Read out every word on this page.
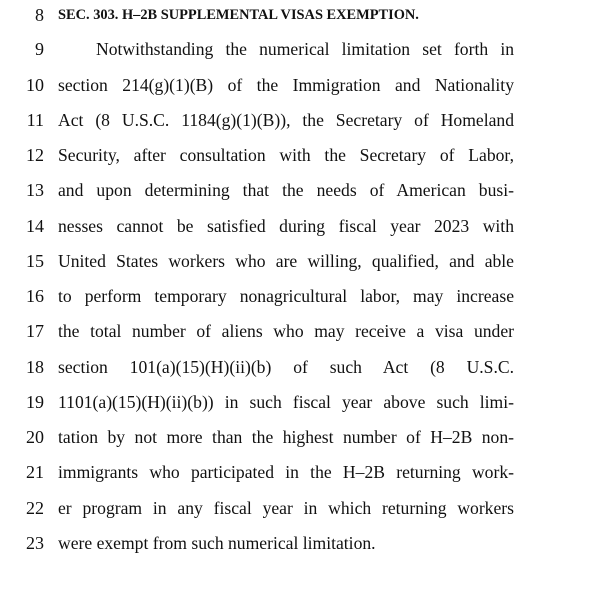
8 SEC. 303. H–2B SUPPLEMENTAL VISAS EXEMPTION.
9	Notwithstanding the numerical limitation set forth in
10 section 214(g)(1)(B) of the Immigration and Nationality
11 Act (8 U.S.C. 1184(g)(1)(B)), the Secretary of Homeland
12 Security, after consultation with the Secretary of Labor,
13 and upon determining that the needs of American busi-
14 nesses cannot be satisfied during fiscal year 2023 with
15 United States workers who are willing, qualified, and able
16 to perform temporary nonagricultural labor, may increase
17 the total number of aliens who may receive a visa under
18 section 101(a)(15)(H)(ii)(b) of such Act (8 U.S.C.
19 1101(a)(15)(H)(ii)(b)) in such fiscal year above such limi-
20 tation by not more than the highest number of H–2B non-
21 immigrants who participated in the H–2B returning work-
22 er program in any fiscal year in which returning workers
23 were exempt from such numerical limitation.
